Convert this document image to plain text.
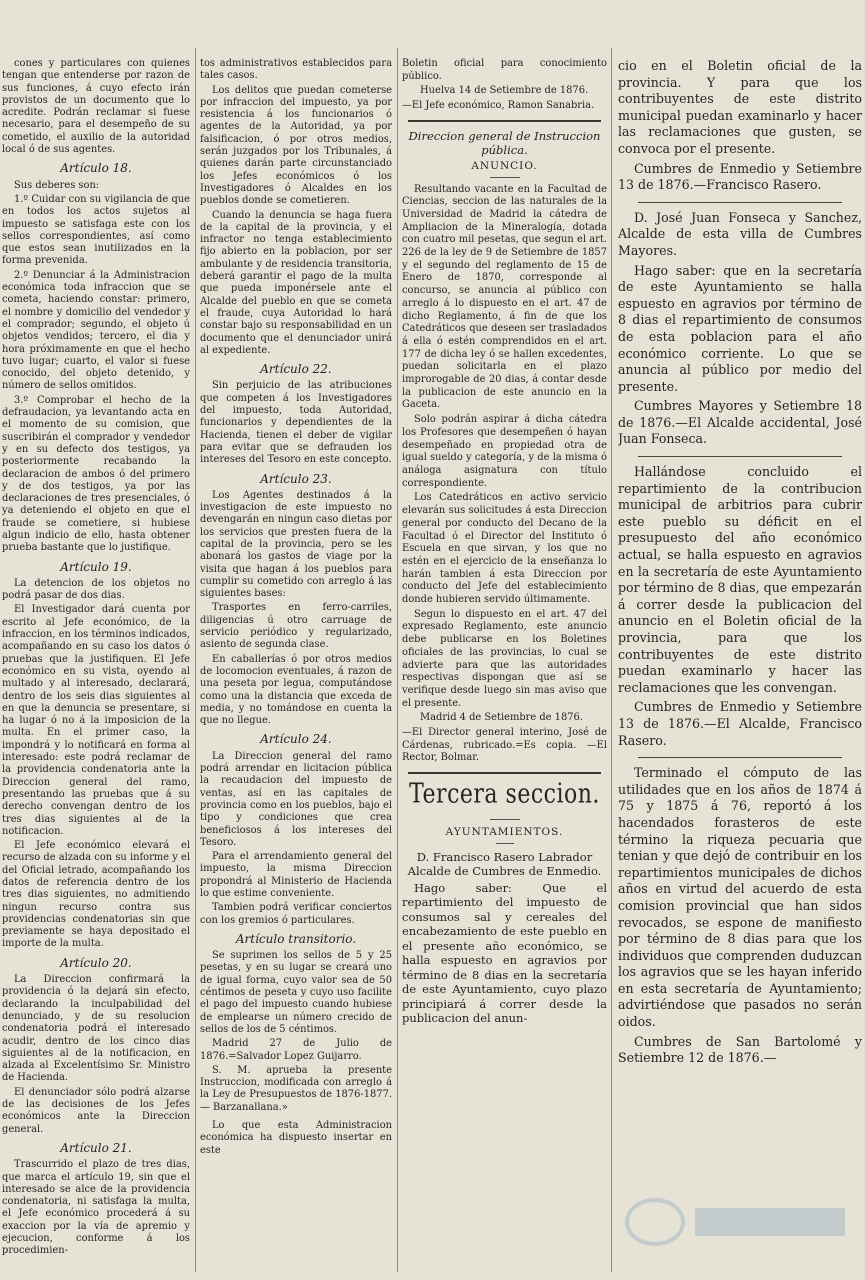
cones y particulares con quienes tengan que entenderse por razon de sus funciones, á cuyo efecto irán provistos de un documento que lo acredite. Podrán reclamar si fuese necesario, para el desempeño de su cometido, el auxilio de la autoridad local ó de sus agentes.

Artículo 18.

Sus deberes son:

1.º Cuidar con su vigilancia de que en todos los actos sujetos al impuesto se satisfaga este con los sellos correspondientes, así como que estos sean inutilizados en la forma prevenida.

2.º Denunciar á la Administracion económica toda infraccion que se cometa, haciendo constar: primero, el nombre y domicilio del vendedor y el comprador; segundo, el objeto ú objetos vendidos; tercero, el dia y hora próximamente en que el hecho tuvo lugar; cuarto, el valor si fuese conocido, del objeto detenido, y número de sellos omitidos.

3.º Comprobar el hecho de la defraudacion, ya levantando acta en el momento de su comision, que suscribirán el comprador y vendedor y en su defecto dos testigos, ya posteriormente recabando la declaracion de ambos ó del primero y de dos testigos, ya por las declaraciones de tres presenciales, ó ya deteniendo el objeto en que el fraude se cometiere, si hubiese algun indicio de ello, hasta obtener prueba bastante que lo justifique.

Artículo 19.

La detencion de los objetos no podrá pasar de dos dias.

El Investigador dará cuenta por escrito al Jefe económico, de la infraccion, en los términos indicados, acompañando en su caso los datos ó pruebas que la justifiquen. El Jefe económico en su vista, oyendo al multado y al interesado, declarará, dentro de los seis dias siguientes al en que la denuncia se presentare, si ha lugar ó no á la imposicion de la multa. En el primer caso, la impondrá y lo notificará en forma al interesado: este podrá reclamar de la providencia condenatoria ante la Direccion general del ramo, presentando las pruebas que á su derecho convengan dentro de los tres dias siguientes al de la notificacion.

El Jefe económico elevará el recurso de alzada con su informe y el del Oficial letrado, acompañando los datos de referencia dentro de los tres dias siguientes, no admitiendo ningun recurso contra sus providencias condenatorias sin que previamente se haya depositado el importe de la multa.

Artículo 20.

La Direccion confirmará la providencia ó la dejará sin efecto, declarando la inculpabilidad del denunciado, y de su resolucion condenatoria podrá el interesado acudir, dentro de los cinco dias siguientes al de la notificacion, en alzada al Excelentísimo Sr. Ministro de Hacienda.

El denunciador sólo podrá alzarse de las decisiones de los Jefes económicos ante la Direccion general.

Artículo 21.

Trascurrido el plazo de tres dias, que marca el artículo 19, sin que el interesado se alce de la providencia condenatoria, ni satisfaga la multa, el Jefe económico procederá á su exaccion por la vía de apremio y ejecucion, conforme á los procedimien-

tos administrativos establecidos para tales casos.

Los delitos que puedan cometerse por infraccion del impuesto, ya por resistencia á los funcionarios ó agentes de la Autoridad, ya por falsificacion, ó por otros medios, serán juzgados por los Tribunales, á quienes darán parte circunstanciado los Jefes económicos ó los Investigadores ó Alcaldes en los pueblos donde se cometieren.

Cuando la denuncia se haga fuera de la capital de la provincia, y el infractor no tenga establecimiento fijo abierto en la poblacion, por ser ambulante y de residencia transitoria, deberá garantir el pago de la multa que pueda imponérsele ante el Alcalde del pueblo en que se cometa el fraude, cuya Autoridad lo hará constar bajo su responsabilidad en un documento que el denunciador unirá al expediente.

Artículo 22.

Sin perjuicio de las atribuciones que competen á los Investigadores del impuesto, toda Autoridad, funcionarios y dependientes de la Hacienda, tienen el deber de vigilar para evitar que se defrauden los intereses del Tesoro en este concepto.

Artículo 23.

Los Agentes destinados á la investigacion de este impuesto no devengarán en ningun caso dietas por los servicios que presten fuera de la capital de la provincia, pero se les abonará los gastos de viage por la visita que hagan á los pueblos para cumplir su cometido con arreglo á las siguientes bases:

Trasportes en ferro-carriles, diligencias ú otro carruage de servicio periódico y regularizado, asiento de segunda clase.

En caballerías ó por otros medios de locomocion eventuales, á razon de una peseta por legua, computándose como una la distancia que exceda de media, y no tomándose en cuenta la que no llegue.

Artículo 24.

La Direccion general del ramo podrá arrendar en licitacion pública la recaudacion del impuesto de ventas, así en las capitales de provincia como en los pueblos, bajo el tipo y condiciones que crea beneficiosos á los intereses del Tesoro.

Para el arrendamiento general del impuesto, la misma Direccion propondrá al Ministerio de Hacienda lo que estime conveniente.

Tambien podrá verificar conciertos con los gremios ó particulares.

Artículo transitorio.

Se suprimen los sellos de 5 y 25 pesetas, y en su lugar se creará uno de igual forma, cuyo valor sea de 50 céntimos de peseta y cuyo uso facilite el pago del impuesto cuando hubiese de emplearse un número crecido de sellos de los de 5 céntimos.

Madrid 27 de Julio de 1876.=Salvador Lopez Guijarro.

S. M. aprueba la presente Instruccion, modificada con arreglo á la Ley de Presupuestos de 1876-1877.— Barzanallana.»

Lo que esta Administracion económica ha dispuesto insertar en este

Boletin oficial para conocimiento público.

Huelva 14 de Setiembre de 1876.

—El Jefe económico, Ramon Sanabria.

Direccion general de Instruccion pública.
ANUNCIO.

Resultando vacante en la Facultad de Ciencias, seccion de las naturales de la Universidad de Madrid la cátedra de Ampliacion de la Mineralogía, dotada con cuatro mil pesetas, que segun el art. 226 de la ley de 9 de Setiembre de 1857 y el segundo del reglamento de 15 de Enero de 1870, corresponde al concurso, se anuncia al público con arreglo á lo dispuesto en el art. 47 de dicho Reglamento, á fin de que los Catedráticos que deseen ser trasladados á ella ó estén comprendidos en el art. 177 de dicha ley ó se hallen excedentes, puedan solicitarla en el plazo improrogable de 20 dias, á contar desde la publicacion de este anuncio en la Gaceta.

Solo podrán aspirar á dicha cátedra los Profesores que desempeñen ó hayan desempeñado en propiedad otra de igual sueldo y categoría, y de la misma ó análoga asignatura con título correspondiente.

Los Catedráticos en activo servicio elevarán sus solicitudes á esta Direccion general por conducto del Decano de la Facultad ó el Director del Instituto ó Escuela en que sirvan, y los que no estén en el ejercicio de la enseñanza lo harán tambien á esta Direccion por conducto del Jefe del establecimiento donde hubieren servido últimamente.

Segun lo dispuesto en el art. 47 del expresado Reglamento, este anuncio debe publicarse en los Boletines oficiales de las provincias, lo cual se advierte para que las autoridades respectivas dispongan que así se verifique desde luego sin mas aviso que el presente.

Madrid 4 de Setiembre de 1876.

—El Director general interino, José de Cárdenas, rubricado.=Es copia. —El Rector, Bolmar.

Tercera seccion.
AYUNTAMIENTOS.

D. Francisco Rasero Labrador Alcalde de Cumbres de Enmedio.

Hago saber: Que el repartimiento del impuesto de consumos sal y cereales del encabezamiento de este pueblo en el presente año económico, se halla espuesto en agravios por término de 8 dias en la secretaría de este Ayuntamiento, cuyo plazo principiará á correr desde la publicacion del anun-

cio en el Boletin oficial de la provincia. Y para que los contribuyentes de este distrito municipal puedan examinarlo y hacer las reclamaciones que gusten, se convoca por el presente.

Cumbres de Enmedio y Setiembre 13 de 1876.—Francisco Rasero.

D. José Juan Fonseca y Sanchez, Alcalde de esta villa de Cumbres Mayores.

Hago saber: que en la secretaría de este Ayuntamiento se halla espuesto en agravios por término de 8 dias el repartimiento de consumos de esta poblacion para el año económico corriente. Lo que se anuncia al público por medio del presente.

Cumbres Mayores y Setiembre 18 de 1876.—El Alcalde accidental, José Juan Fonseca.

Hallándose concluido el repartimiento de la contribucion municipal de arbitrios para cubrir este pueblo su déficit en el presupuesto del año económico actual, se halla espuesto en agravios en la secretaría de este Ayuntamiento por término de 8 dias, que empezarán á correr desde la publicacion del anuncio en el Boletin oficial de la provincia, para que los contribuyentes de este distrito puedan examinarlo y hacer las reclamaciones que les convengan.

Cumbres de Enmedio y Setiembre 13 de 1876.—El Alcalde, Francisco Rasero.

Terminado el cómputo de las utilidades que en los años de 1874 á 75 y 1875 á 76, reportó á los hacendados forasteros de este término la riqueza pecuaria que tenian y que dejó de contribuir en los repartimientos municipales de dichos años en virtud del acuerdo de esta comision provincial que han sidos revocados, se espone de manifiesto por término de 8 dias para que los individuos que comprenden duduzcan los agravios que se les hayan inferido en esta secretaría de Ayuntamiento; advirtiéndose que pasados no serán oidos.

Cumbres de San Bartolomé y Setiembre 12 de 1876.—
